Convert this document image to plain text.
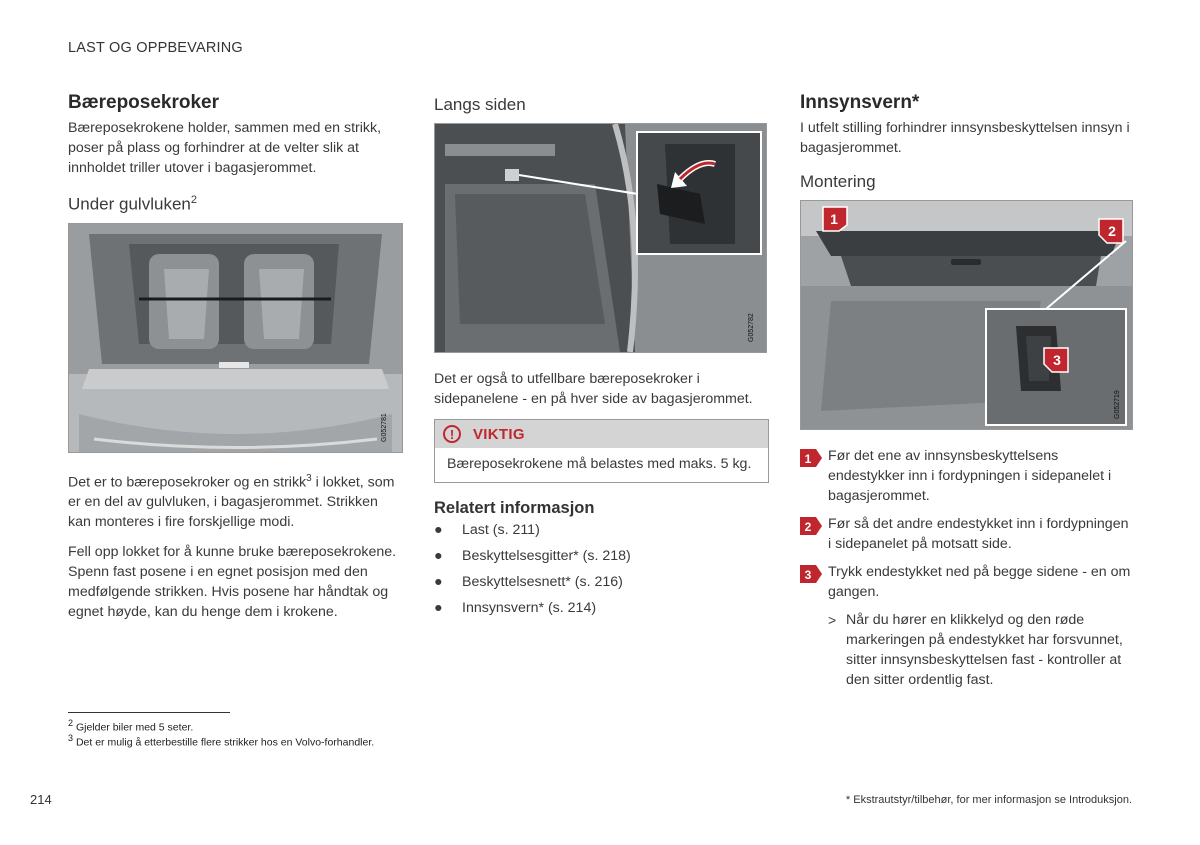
LAST OG OPPBEVARING
Bæreposekroker

Bæreposekrokene holder, sammen med en strikk, poser på plass og forhindrer at de velter slik at innholdet triller utover i bagasjerommet.

Under gulvluken$^2$
G052781

Det er to bæreposekroker og en strikk$^3$ i lokket, som er en del av gulvluken, i bagasjerommet. Strikken kan monteres i fire forskjellige modi.

Fell opp lokket for å kunne bruke bæreposekrokene. Spenn fast posene i en egnet posisjon med den medfølgende strikken. Hvis posene har håndtak og egnet høyde, kan du henge dem i krokene.

Langs siden
G052782

Det er også to utfellbare bæreposekroker i sidepanelene - en på hver side av bagasjerommet.

!	VIKTIG
Bæreposekrokene må belastes med maks. 5 kg.
Relatert informasjon
●	Last (s. 211)
●	Beskyttelsesgitter* (s. 218)
●	Beskyttelsesnett* (s. 216)
●	Innsynsvern* (s. 214)
Innsynsvern*

I utfelt stilling forhindrer innsynsbeskyttelsen innsyn i bagasjerommet.

Montering
1
2
3
G052719
1 Før det ene av innsynsbeskyttelsens endestykker inn i fordypningen i sidepanelet i bagasjerommet.
2 Før så det andre endestykket inn i fordypningen i sidepanelet på motsatt side.
3 Trykk endestykket ned på begge sidene - en om gangen.
> Når du hører en klikkelyd og den røde markeringen på endestykket har forsvunnet, sitter innsynsbeskyttelsen fast - kontroller at den sitter ordentlig fast.
$^2$ Gjelder biler med 5 seter.
$^3$ Det er mulig å etterbestille flere strikker hos en Volvo-forhandler.
214	* Ekstrautstyr/tilbehør, for mer informasjon se Introduksjon.
